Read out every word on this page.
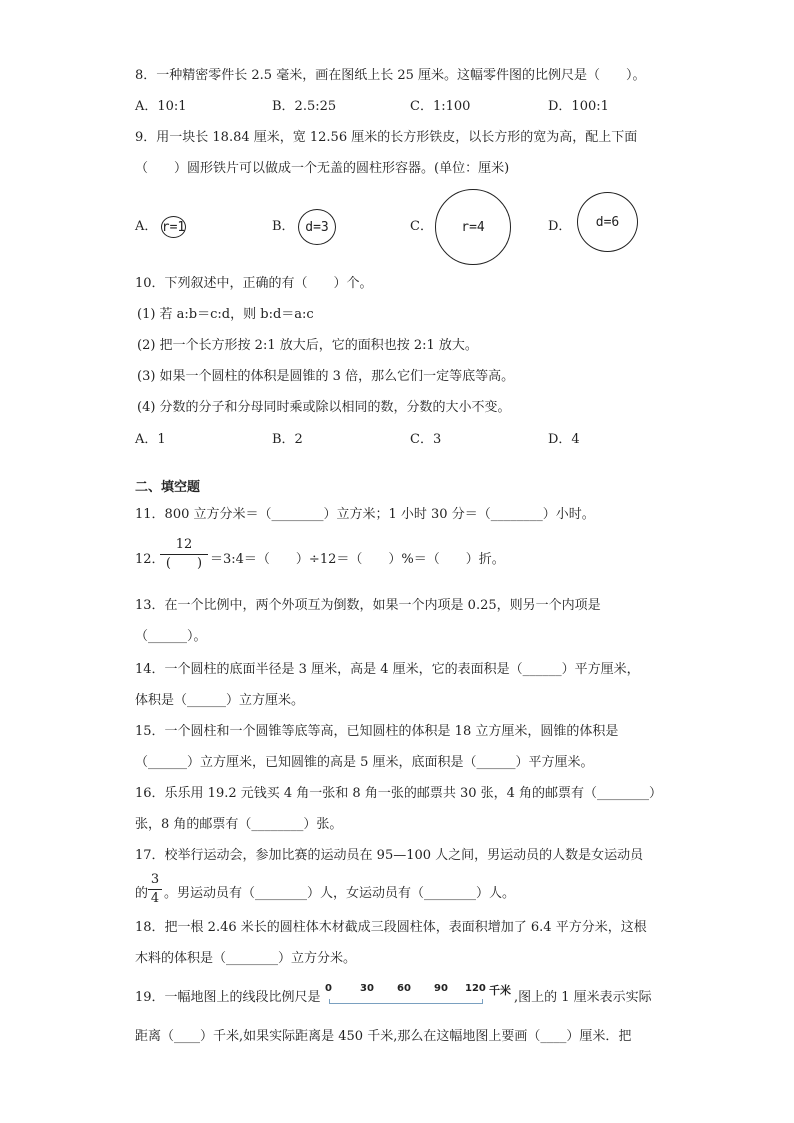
8．一种精密零件长 2.5 毫米，画在图纸上长 25 厘米。这幅零件图的比例尺是（　　）。
A．10:1	B．2.5:25	C．1:100	D．100:1
9．用一块长 18.84 厘米，宽 12.56 厘米的长方形铁皮，以长方形的宽为高，配上下面
（　　）圆形铁片可以做成一个无盖的圆柱形容器。(单位：厘米)
A． r=1	B． d=3	C．	r=4	D．	d=6
10．下列叙述中，正确的有（　　）个。
(1) 若 a:b＝c:d，则 b:d＝a:c
(2) 把一个长方形按 2:1 放大后，它的面积也按 2:1 放大。
(3) 如果一个圆柱的体积是圆锥的 3 倍，那么它们一定等底等高。
(4) 分数的分子和分母同时乘或除以相同的数，分数的大小不变。
A．1	B．2	C．3	D．4
二、填空题
11．800 立方分米＝（________）立方米；1 小时 30 分＝（________）小时。
12．
12
(　　) ＝3:4＝（　　）÷12＝（　　）%＝（　　）折。
13．在一个比例中，两个外项互为倒数，如果一个内项是 0.25，则另一个内项是
（______）。
14．一个圆柱的底面半径是 3 厘米，高是 4 厘米，它的表面积是（______）平方厘米，
体积是（______）立方厘米。
15．一个圆柱和一个圆锥等底等高，已知圆柱的体积是 18 立方厘米，圆锥的体积是
（______）立方厘米，已知圆锥的高是 5 厘米，底面积是（______）平方厘米。
16．乐乐用 19.2 元钱买 4 角一张和 8 角一张的邮票共 30 张，4 角的邮票有（________）
张，8 角的邮票有（________）张。
17．校举行运动会，参加比赛的运动员在 95—100 人之间，男运动员的人数是女运动员
的
3
4 。男运动员有（________）人，女运动员有（________）人。
18．把一根 2.46 米长的圆柱体木材截成三段圆柱体，表面积增加了 6.4 平方分米，这根
木料的体积是（________）立方分米。
19．一幅地图上的线段比例尺是
0	30 60 90 120 千米 ,图上的 1 厘米表示实际
距离（____）千米,如果实际距离是 450 千米,那么在这幅地图上要画（____）厘米．把
